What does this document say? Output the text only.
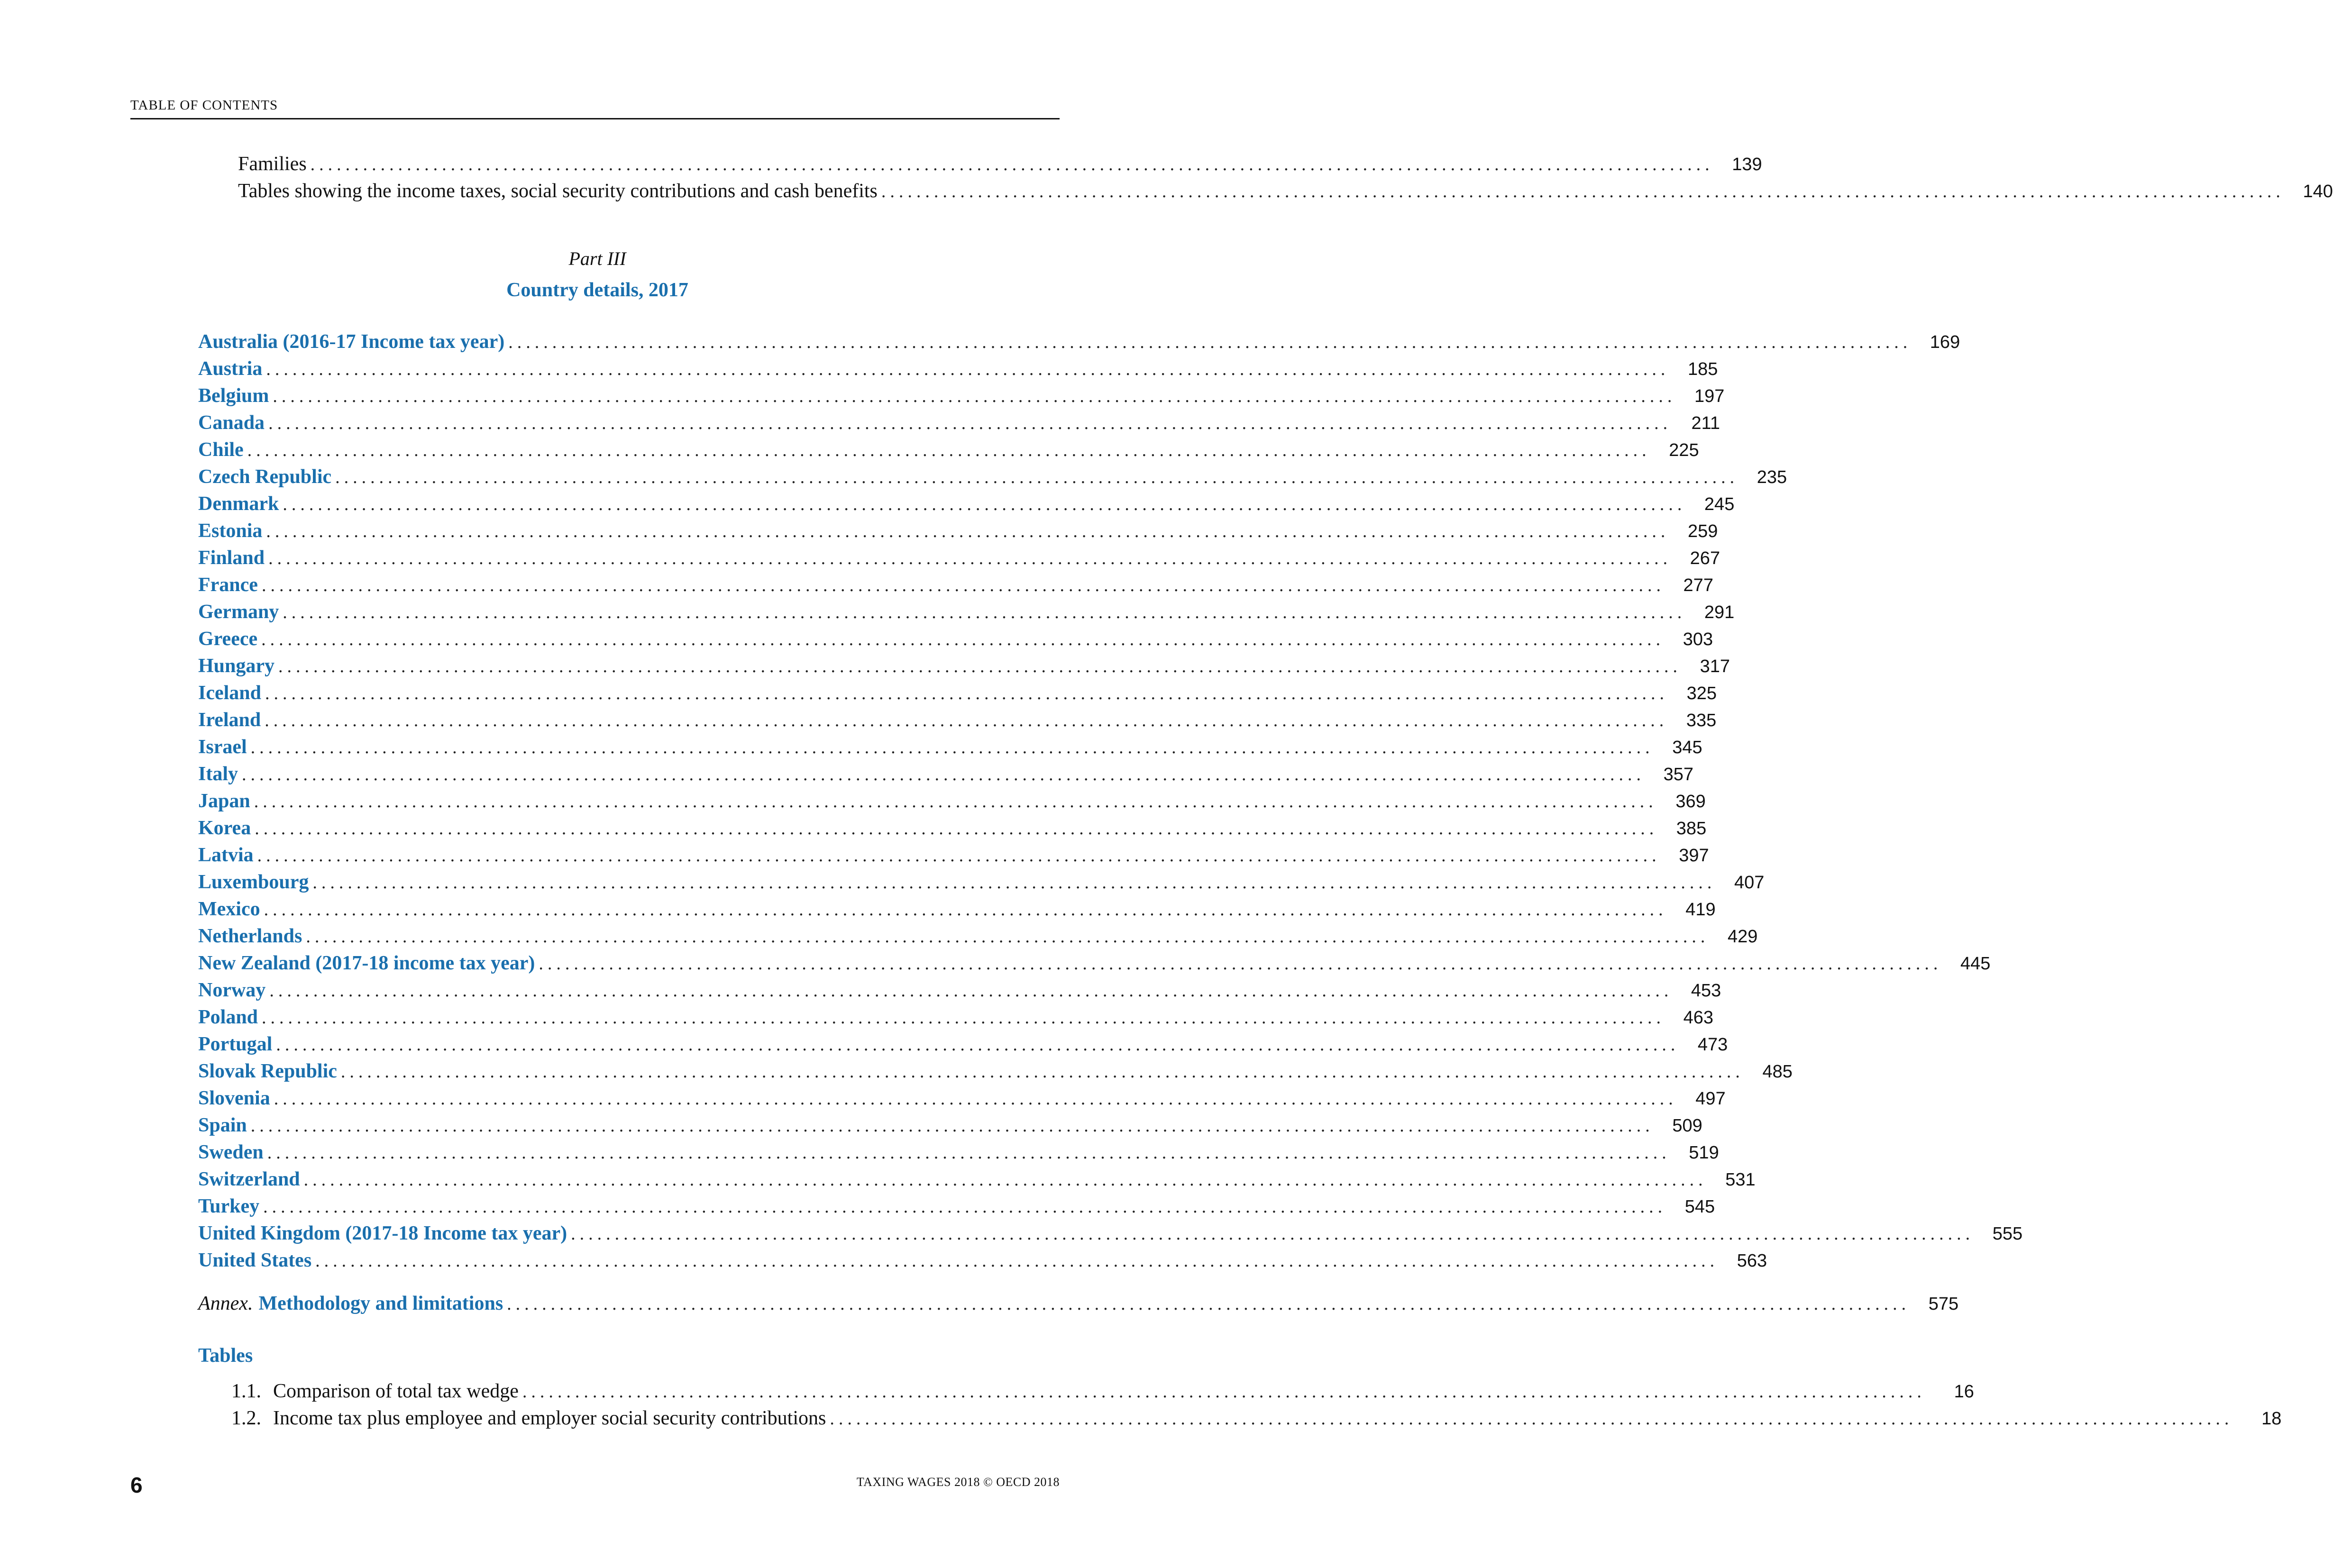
TABLE OF CONTENTS
Families ................................................................................................................................................................	139
Tables showing the income taxes, social security contributions and cash benefits ................................................................................................................................................................	140
Part III
Country details, 2017
Australia (2016-17 Income tax year) ................................................................................................................................................................	169
Austria ................................................................................................................................................................	185
Belgium ................................................................................................................................................................	197
Canada ................................................................................................................................................................	211
Chile ................................................................................................................................................................	225
Czech Republic ................................................................................................................................................................	235
Denmark ................................................................................................................................................................	245
Estonia ................................................................................................................................................................	259
Finland ................................................................................................................................................................	267
France ................................................................................................................................................................	277
Germany ................................................................................................................................................................	291
Greece ................................................................................................................................................................	303
Hungary ................................................................................................................................................................	317
Iceland ................................................................................................................................................................	325
Ireland ................................................................................................................................................................	335
Israel ................................................................................................................................................................	345
Italy ................................................................................................................................................................	357
Japan ................................................................................................................................................................	369
Korea ................................................................................................................................................................	385
Latvia ................................................................................................................................................................	397
Luxembourg ................................................................................................................................................................	407
Mexico ................................................................................................................................................................	419
Netherlands ................................................................................................................................................................	429
New Zealand (2017-18 income tax year) ................................................................................................................................................................	445
Norway ................................................................................................................................................................	453
Poland ................................................................................................................................................................	463
Portugal ................................................................................................................................................................	473
Slovak Republic ................................................................................................................................................................	485
Slovenia ................................................................................................................................................................	497
Spain ................................................................................................................................................................	509
Sweden ................................................................................................................................................................	519
Switzerland ................................................................................................................................................................	531
Turkey ................................................................................................................................................................	545
United Kingdom (2017-18 Income tax year) ................................................................................................................................................................	555
United States ................................................................................................................................................................	563
Annex. Methodology and limitations ................................................................................................................................................................	575
Tables
1.1. Comparison of total tax wedge ................................................................................................................................................................	16
1.2. Income tax plus employee and employer social security contributions ................................................................................................................................................................	18
6	TAXING WAGES 2018 © OECD 2018
